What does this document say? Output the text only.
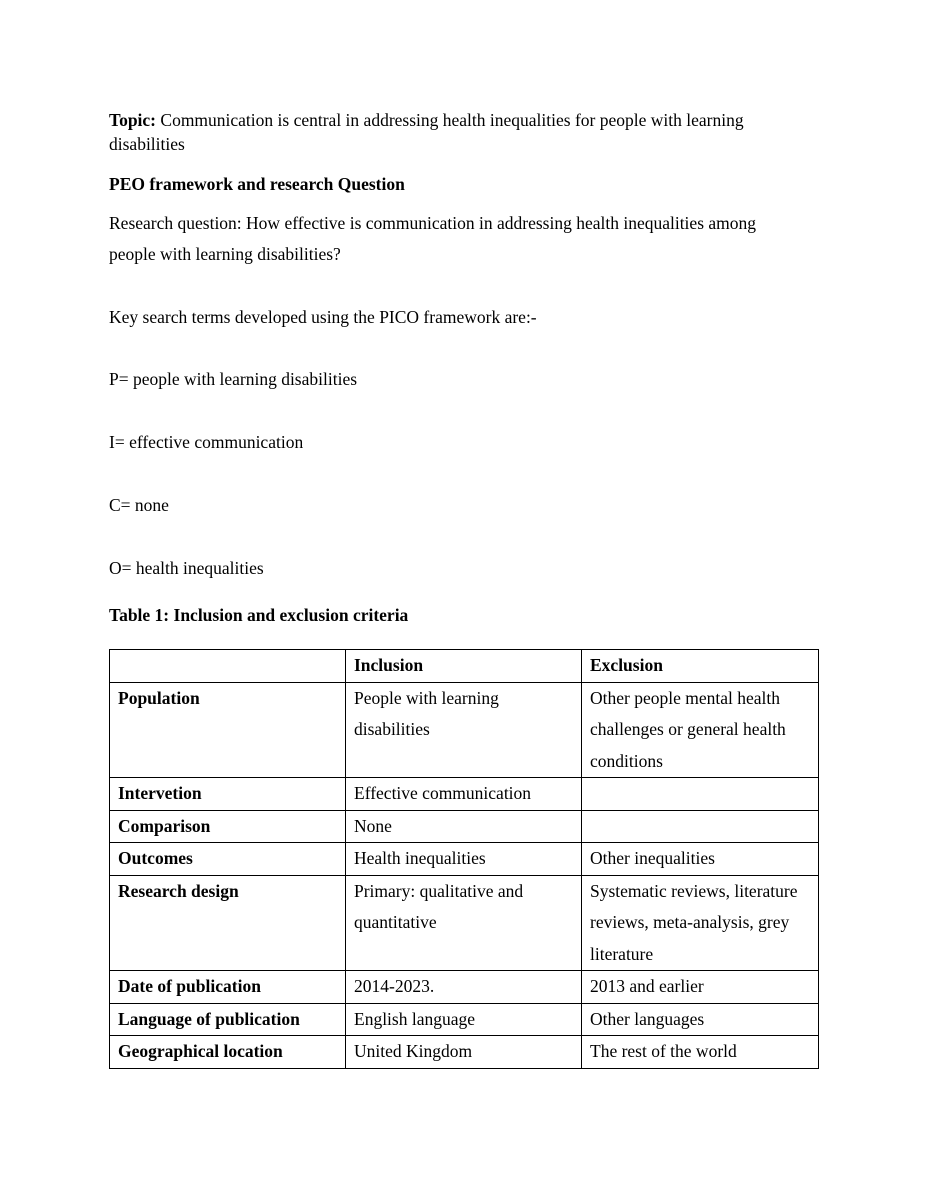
Topic: Communication is central in addressing health inequalities for people with learning
disabilities
PEO framework and research Question
Research question: How effective is communication in addressing health inequalities among
people with learning disabilities?
Key search terms developed using the PICO framework are:-
P= people with learning disabilities
I= effective communication
C= none
O= health inequalities
Table 1: Inclusion and exclusion criteria
	Inclusion	Exclusion
Population	People with learning disabilities	Other people mental health challenges or general health conditions
Intervetion	Effective communication	
Comparison	None	
Outcomes	Health inequalities	Other inequalities
Research design	Primary: qualitative and quantitative	Systematic reviews, literature reviews, meta-analysis, grey literature
Date of publication	2014-2023.	2013 and earlier
Language of publication	English language	Other languages
Geographical location	United Kingdom	The rest of the world
